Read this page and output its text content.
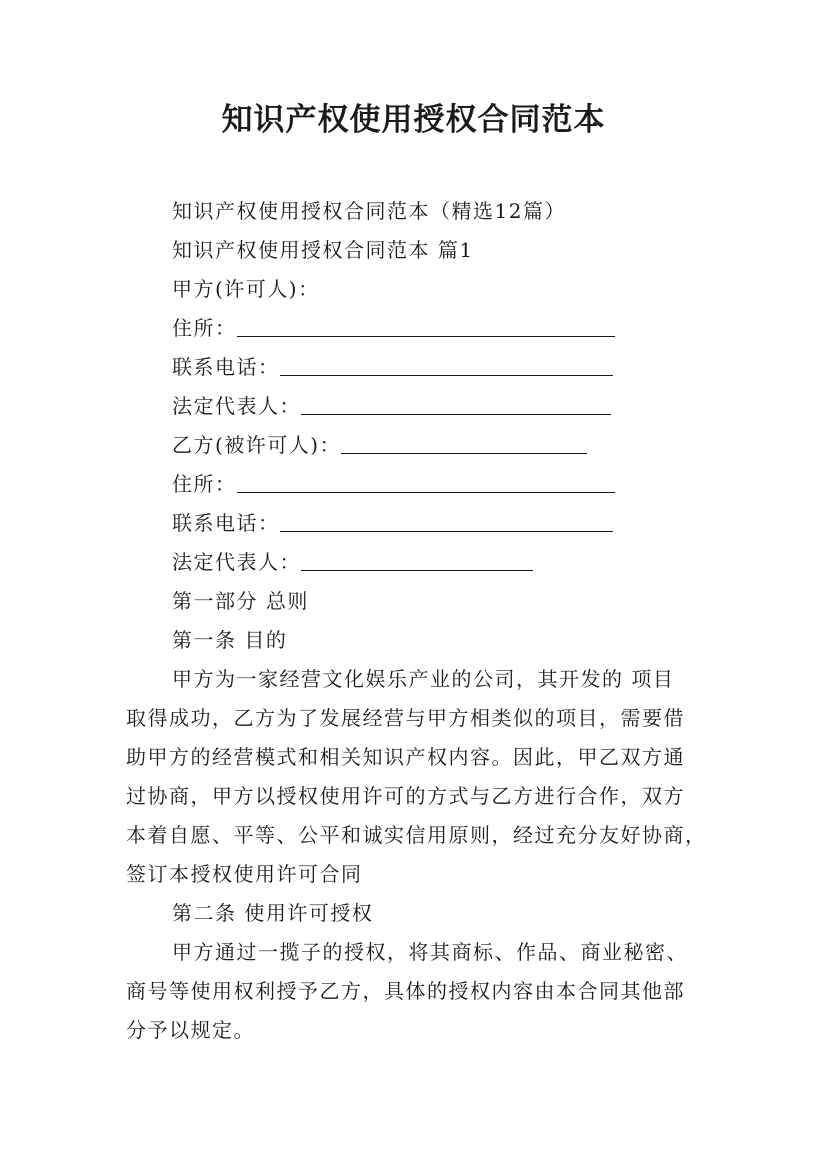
知识产权使用授权合同范本
知识产权使用授权合同范本（精选12篇）
知识产权使用授权合同范本 篇1
甲方(许可人)：
住所：
联系电话：
法定代表人：
乙方(被许可人)：
住所：
联系电话：
法定代表人：
第一部分 总则
第一条 目的
甲方为一家经营文化娱乐产业的公司，其开发的 项目
取得成功，乙方为了发展经营与甲方相类似的项目，需要借
助甲方的经营模式和相关知识产权内容。因此，甲乙双方通
过协商，甲方以授权使用许可的方式与乙方进行合作，双方
本着自愿、平等、公平和诚实信用原则，经过充分友好协商，
签订本授权使用许可合同
第二条 使用许可授权
甲方通过一揽子的授权，将其商标、作品、商业秘密、
商号等使用权利授予乙方，具体的授权内容由本合同其他部
分予以规定。
